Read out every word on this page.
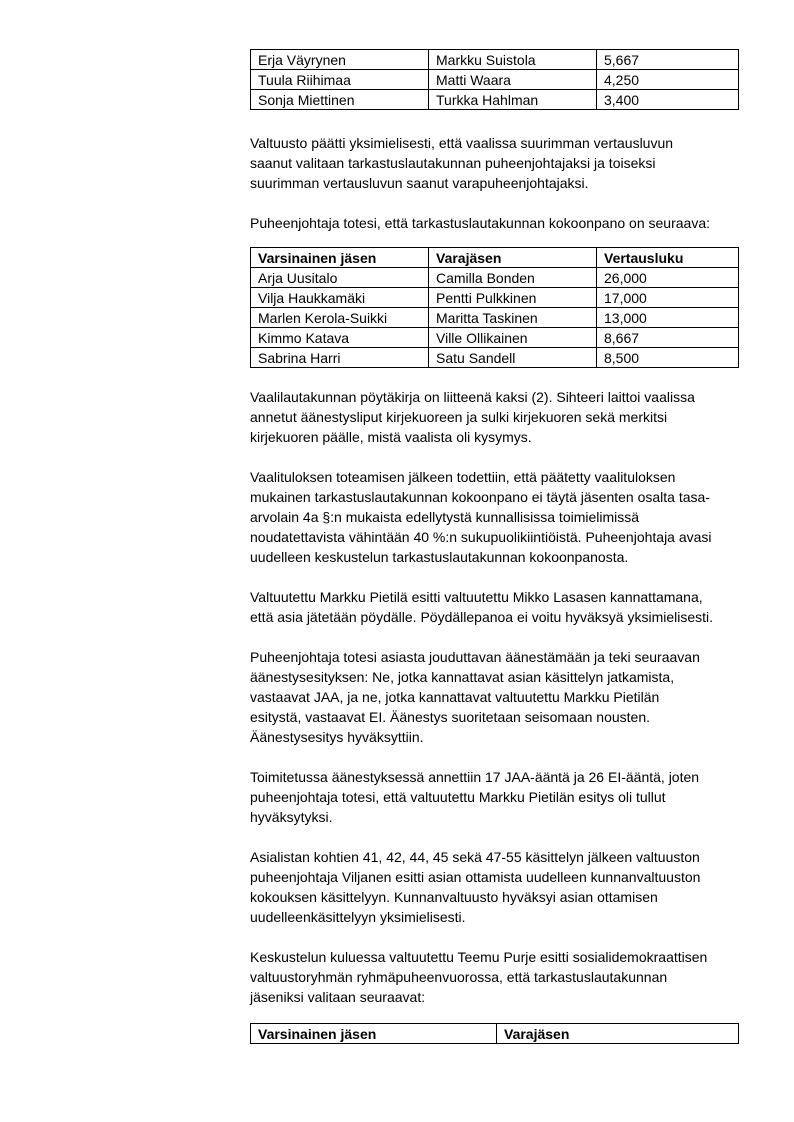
Erja Väyrynen	Markku Suistola	5,667
Tuula Riihimaa	Matti Waara	4,250
Sonja Miettinen	Turkka Hahlman	3,400

Valtuusto päätti yksimielisesti, että vaalissa suurimman vertausluvun

saanut valitaan tarkastuslautakunnan puheenjohtajaksi ja toiseksi

suurimman vertausluvun saanut varapuheenjohtajaksi.

Puheenjohtaja totesi, että tarkastuslautakunnan kokoonpano on seuraava:

Varsinainen jäsen	Varajäsen	Vertausluku
Arja Uusitalo	Camilla Bonden	26,000
Vilja Haukkamäki	Pentti Pulkkinen	17,000
Marlen Kerola-Suikki	Maritta Taskinen	13,000
Kimmo Katava	Ville Ollikainen	8,667
Sabrina Harri	Satu Sandell	8,500

Vaalilautakunnan pöytäkirja on liitteenä kaksi (2). Sihteeri laittoi vaalissa

annetut äänestysliput kirjekuoreen ja sulki kirjekuoren sekä merkitsi

kirjekuoren päälle, mistä vaalista oli kysymys.

Vaalituloksen toteamisen jälkeen todettiin, että päätetty vaalituloksen

mukainen tarkastuslautakunnan kokoonpano ei täytä jäsenten osalta tasa-

arvolain 4a §:n mukaista edellytystä kunnallisissa toimielimissä

noudatettavista vähintään 40 %:n sukupuolikiintiöistä. Puheenjohtaja avasi

uudelleen keskustelun tarkastuslautakunnan kokoonpanosta.

Valtuutettu Markku Pietilä esitti valtuutettu Mikko Lasasen kannattamana,

että asia jätetään pöydälle. Pöydällepanoa ei voitu hyväksyä yksimielisesti.

Puheenjohtaja totesi asiasta jouduttavan äänestämään ja teki seuraavan

äänestysesityksen: Ne, jotka kannattavat asian käsittelyn jatkamista,

vastaavat JAA, ja ne, jotka kannattavat valtuutettu Markku Pietilän

esitystä, vastaavat EI. Äänestys suoritetaan seisomaan nousten.

Äänestysesitys hyväksyttiin.

Toimitetussa äänestyksessä annettiin 17 JAA-ääntä ja 26 EI-ääntä, joten

puheenjohtaja totesi, että valtuutettu Markku Pietilän esitys oli tullut

hyväksytyksi.

Asialistan kohtien 41, 42, 44, 45 sekä 47-55 käsittelyn jälkeen valtuuston

puheenjohtaja Viljanen esitti asian ottamista uudelleen kunnanvaltuuston

kokouksen käsittelyyn. Kunnanvaltuusto hyväksyi asian ottamisen

uudelleenkäsittelyyn yksimielisesti.

Keskustelun kuluessa valtuutettu Teemu Purje esitti sosialidemokraattisen

valtuustoryhmän ryhmäpuheenvuorossa, että tarkastuslautakunnan

jäseniksi valitaan seuraavat:

Varsinainen jäsen	Varajäsen
